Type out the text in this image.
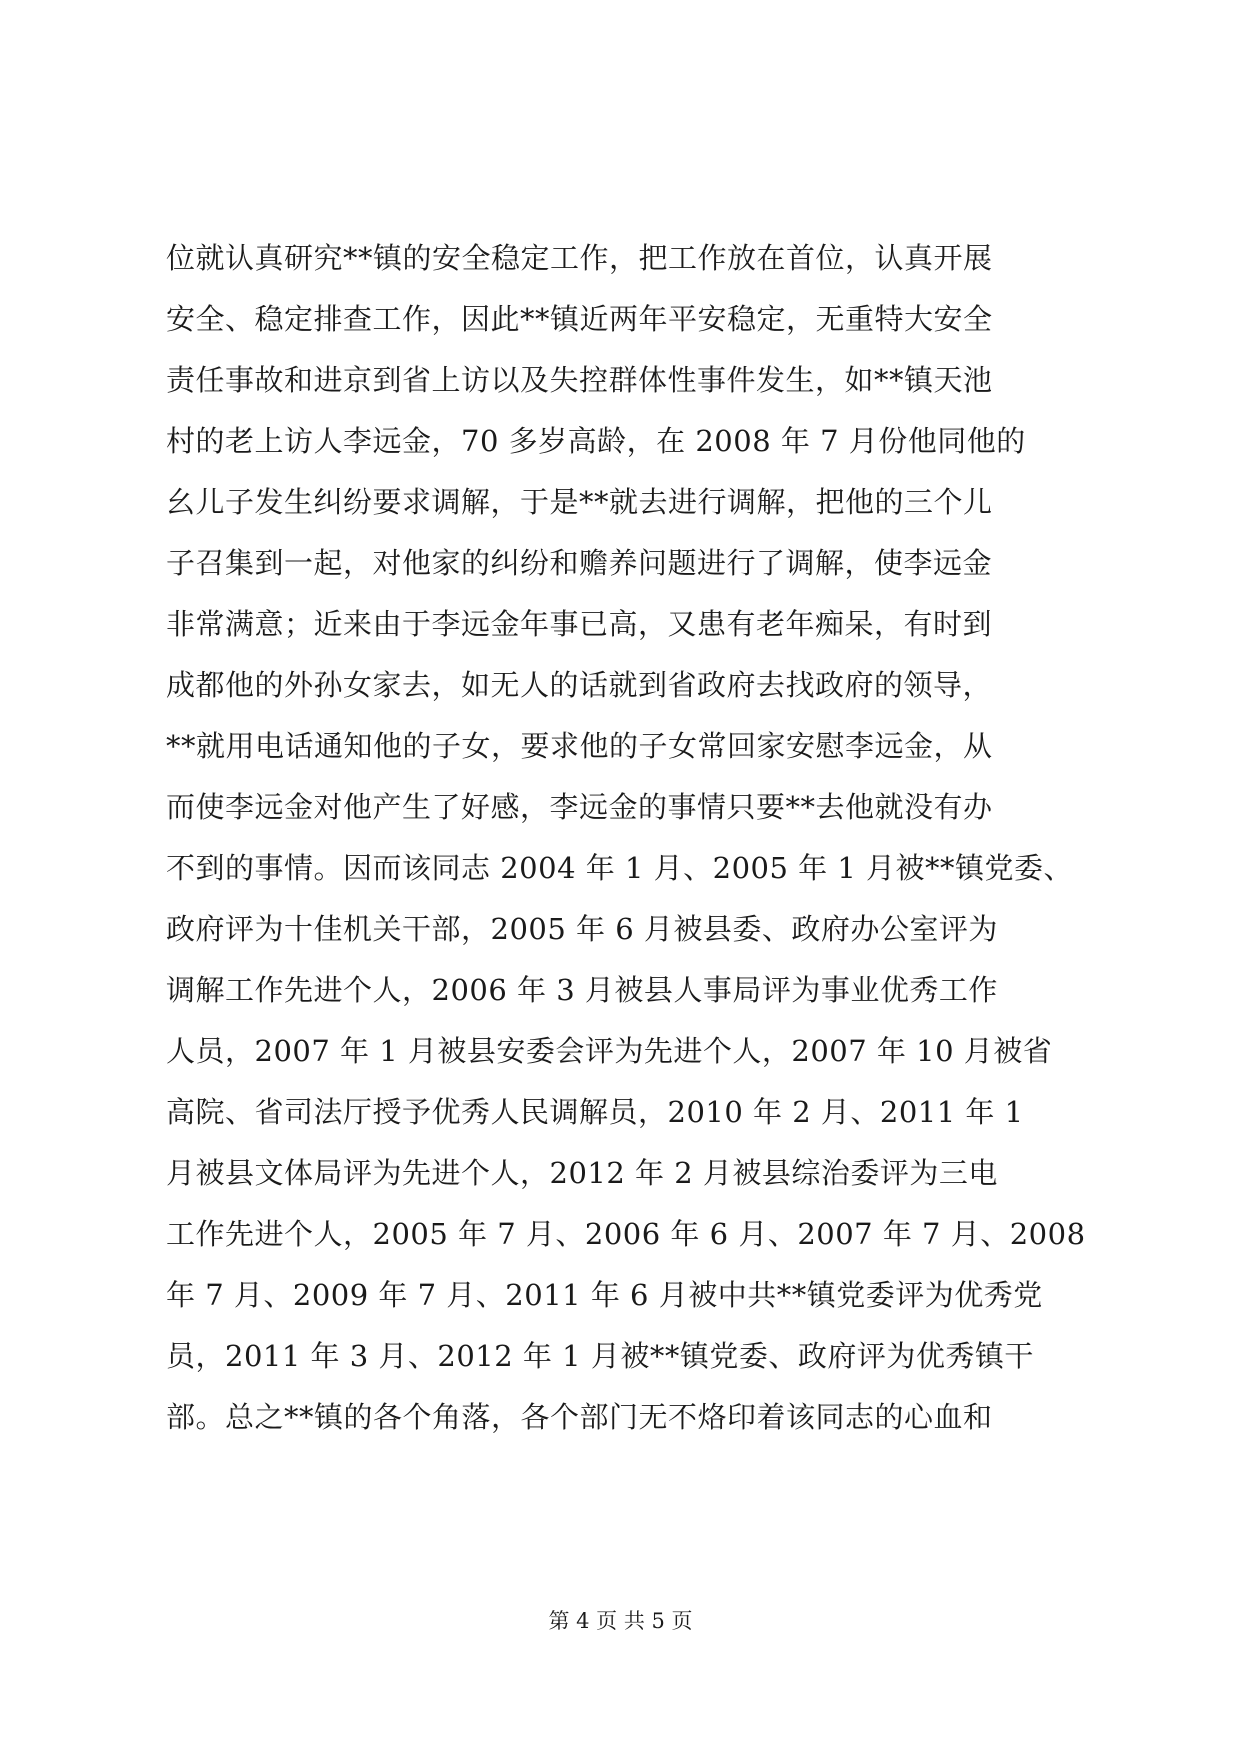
位就认真研究**镇的安全稳定工作，把工作放在首位，认真开展
安全、稳定排查工作，因此**镇近两年平安稳定，无重特大安全
责任事故和进京到省上访以及失控群体性事件发生，如**镇天池
村的老上访人李远金，70 多岁高龄，在 2008 年 7 月份他同他的
幺儿子发生纠纷要求调解，于是**就去进行调解，把他的三个儿
子召集到一起，对他家的纠纷和赡养问题进行了调解，使李远金
非常满意；近来由于李远金年事已高，又患有老年痴呆，有时到
成都他的外孙女家去，如无人的话就到省政府去找政府的领导，
**就用电话通知他的子女，要求他的子女常回家安慰李远金，从
而使李远金对他产生了好感，李远金的事情只要**去他就没有办
不到的事情。因而该同志 2004 年 1 月、2005 年 1 月被**镇党委、
政府评为十佳机关干部，2005 年 6 月被县委、政府办公室评为
调解工作先进个人，2006 年 3 月被县人事局评为事业优秀工作
人员，2007 年 1 月被县安委会评为先进个人，2007 年 10 月被省
高院、省司法厅授予优秀人民调解员，2010 年 2 月、2011 年 1
月被县文体局评为先进个人，2012 年 2 月被县综治委评为三电
工作先进个人，2005 年 7 月、2006 年 6 月、2007 年 7 月、2008
年 7 月、2009 年 7 月、2011 年 6 月被中共**镇党委评为优秀党
员，2011 年 3 月、2012 年 1 月被**镇党委、政府评为优秀镇干
部。总之**镇的各个角落，各个部门无不烙印着该同志的心血和
第 4 页 共 5 页
